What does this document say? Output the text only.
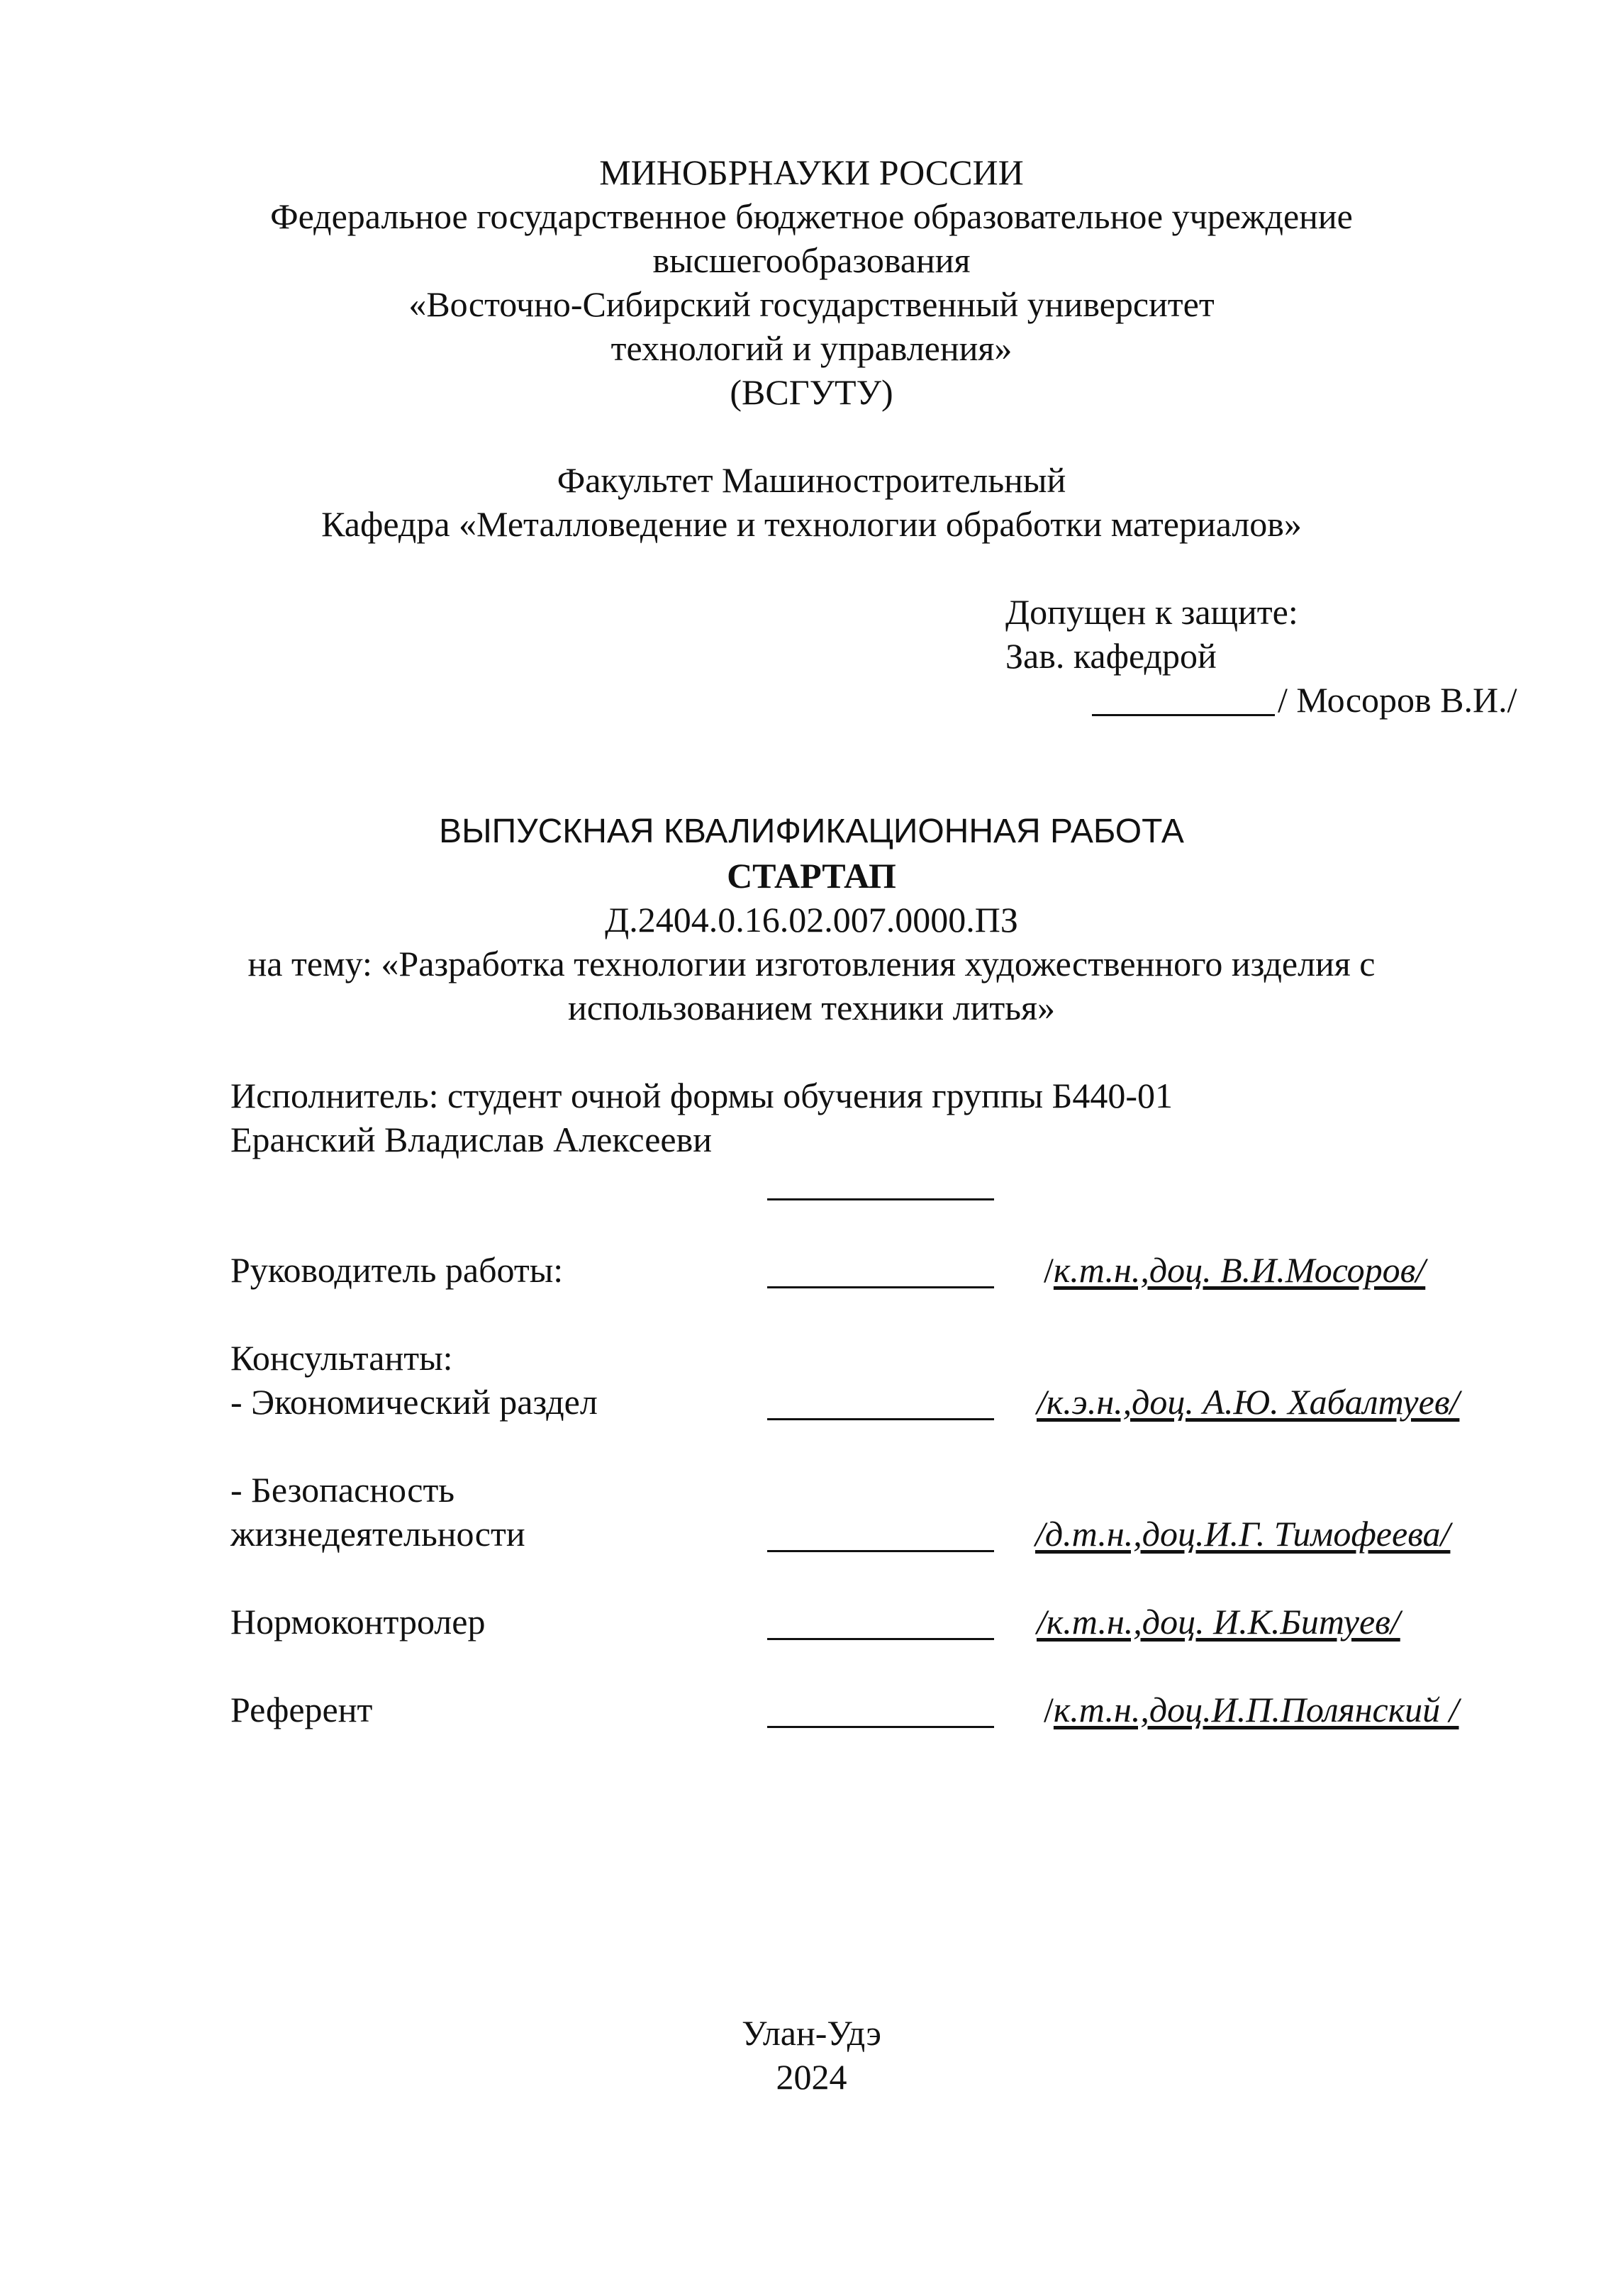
МИНОБРНАУКИ РОССИИ
Федеральное государственное бюджетное образовательное учреждение
высшегообразования
«Восточно-Сибирский государственный университет
технологий и управления»
(ВСГУТУ)
Факультет Машиностроительный
Кафедра «Металловедение и технологии обработки материалов»
Допущен к защите:
Зав. кафедрой
/ Мосоров В.И./
ВЫПУСКНАЯ КВАЛИФИКАЦИОННАЯ РАБОТА
СТАРТАП
Д.2404.0.16.02.007.0000.ПЗ
на тему: «Разработка технологии изготовления художественного изделия с
использованием техники литья»
Исполнитель: студент очной формы обучения группы Б440-01
Еранский Владислав Алексееви
Руководитель работы:	/к.т.н.,доц. В.И.Мосоров/
Консультанты:
- Экономический раздел	/к.э.н.,доц. А.Ю. Хабалтуев/
- Безопасность
жизнедеятельности	/д.т.н.,доц.И.Г. Тимофеева/
Нормоконтролер	/к.т.н.,доц. И.К.Битуев/
Референт	/к.т.н.,доц.И.П.Полянский /
Улан-Удэ
2024
